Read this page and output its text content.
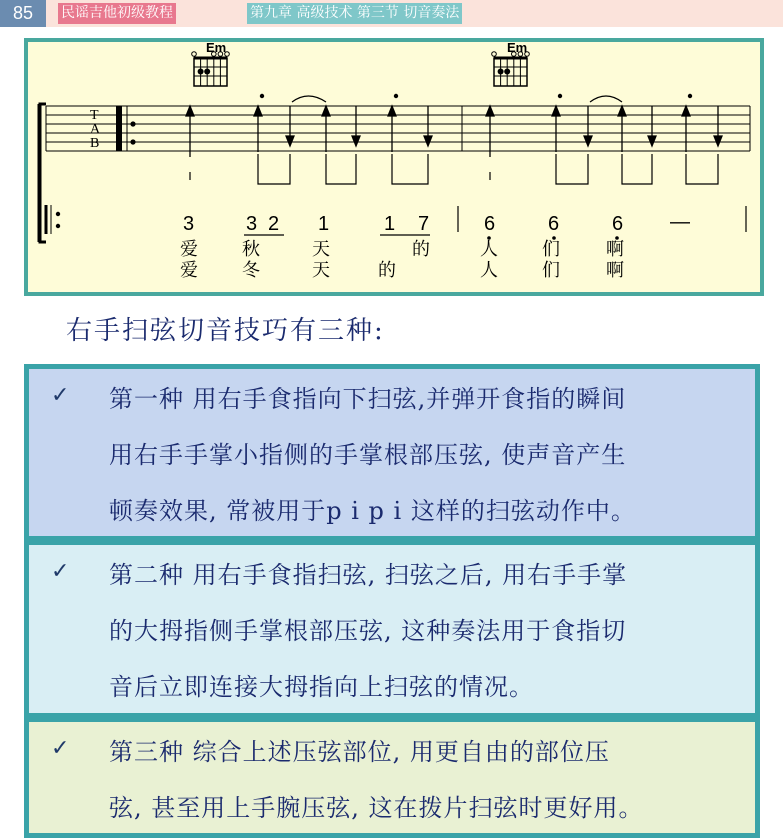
85	民谣吉他初级教程	第九章 高级技术 第三节 切音奏法
Em	Em
T
A
B
3	3 2 1	1 7	6	6	6 —
爱 秋	天	的	人 们	啊
爱 冬	天	的	人 们	啊
右手扫弦切音技巧有三种:
✓ 第一种 用右手食指向下扫弦,并弹开食指的瞬间
用右手手掌小指侧的手掌根部压弦, 使声音产生
顿奏效果, 常被用于p i p i 这样的扫弦动作中。
✓ 第二种 用右手食指扫弦, 扫弦之后, 用右手手掌
的大拇指侧手掌根部压弦, 这种奏法用于食指切
音后立即连接大拇指向上扫弦的情况。
✓ 第三种 综合上述压弦部位, 用更自由的部位压
弦, 甚至用上手腕压弦, 这在拨片扫弦时更好用。
